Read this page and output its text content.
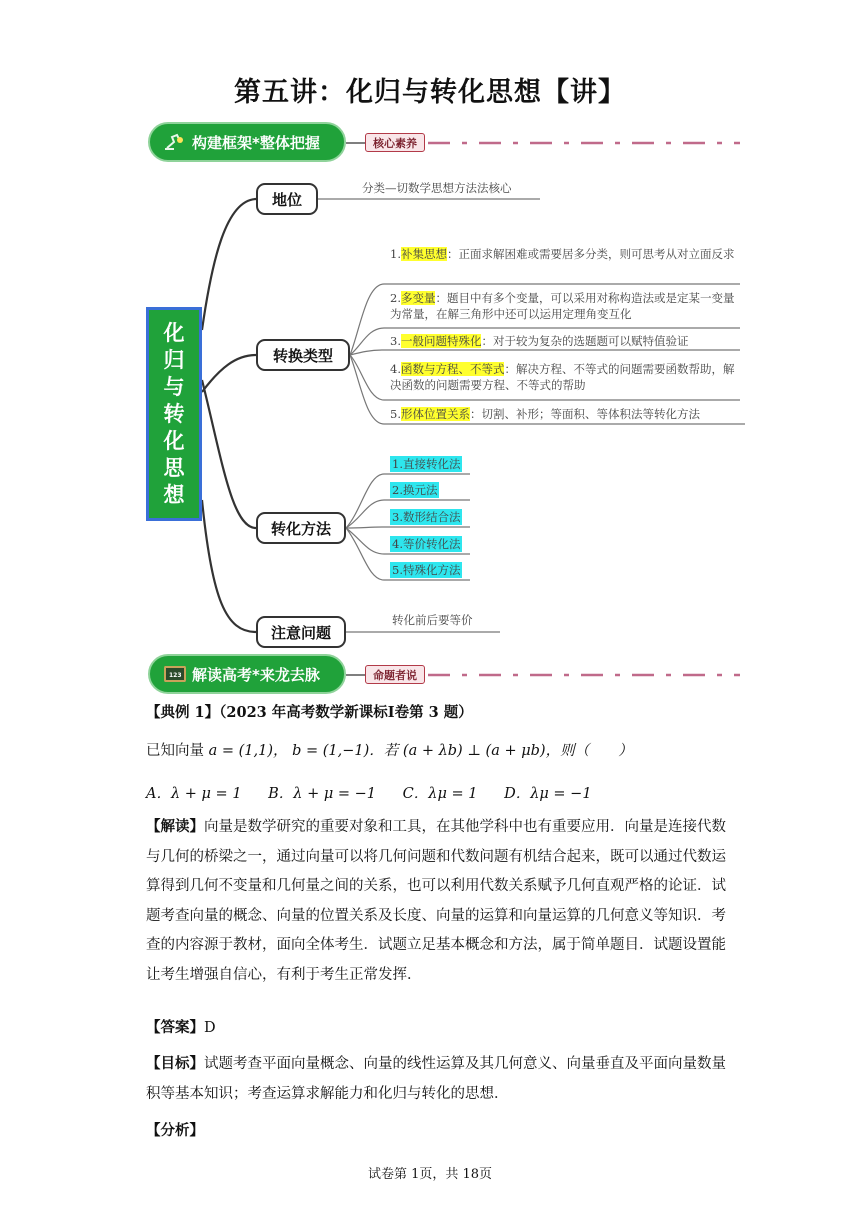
第五讲：化归与转化思想【讲】
构建框架*整体把握	核心素养
化
归
与
转
化
思
想
地位
分类—切数学思想方法法核心
转换类型
转化方法
注意问题
转化前后要等价
1.补集思想：正面求解困难或需要居多分类，则可思考从对立面反求
2.多变量：题目中有多个变量，可以采用对称构造法或是定某一变量为常量，在解三角形中还可以运用定理角变互化
3.一般问题特殊化：对于较为复杂的选题题可以赋特值验证
4.函数与方程、不等式：解决方程、不等式的问题需要函数帮助，解决函数的问题需要方程、不等式的帮助
5.形体位置关系：切割、补形；等面积、等体积法等转化方法
1.直接转化法
2.换元法
3.数形结合法
4.等价转化法
5.特殊化方法
123 解读高考*来龙去脉	命题者说
【典例 1】（2023 年高考数学新课标Ⅰ卷第 3 题）
已知向量 a = (1,1)， b = (1,−1)．若 (a + λb) ⊥ (a + μb)，则（　　）
A．λ + μ = 1 B．λ + μ = −1 C．λμ = 1 D．λμ = −1
【解读】向量是数学研究的重要对象和工具，在其他学科中也有重要应用．向量是连接代数与几何的桥梁之一，通过向量可以将几何问题和代数问题有机结合起来，既可以通过代数运算得到几何不变量和几何量之间的关系，也可以利用代数关系赋予几何直观严格的论证．试题考查向量的概念、向量的位置关系及长度、向量的运算和向量运算的几何意义等知识．考查的内容源于教材，面向全体考生．试题立足基本概念和方法，属于简单题目．试题设置能让考生增强自信心，有利于考生正常发挥．
【答案】D
【目标】试题考查平面向量概念、向量的线性运算及其几何意义、向量垂直及平面向量数量积等基本知识；考查运算求解能力和化归与转化的思想．
【分析】
试卷第 1页，共 18页
